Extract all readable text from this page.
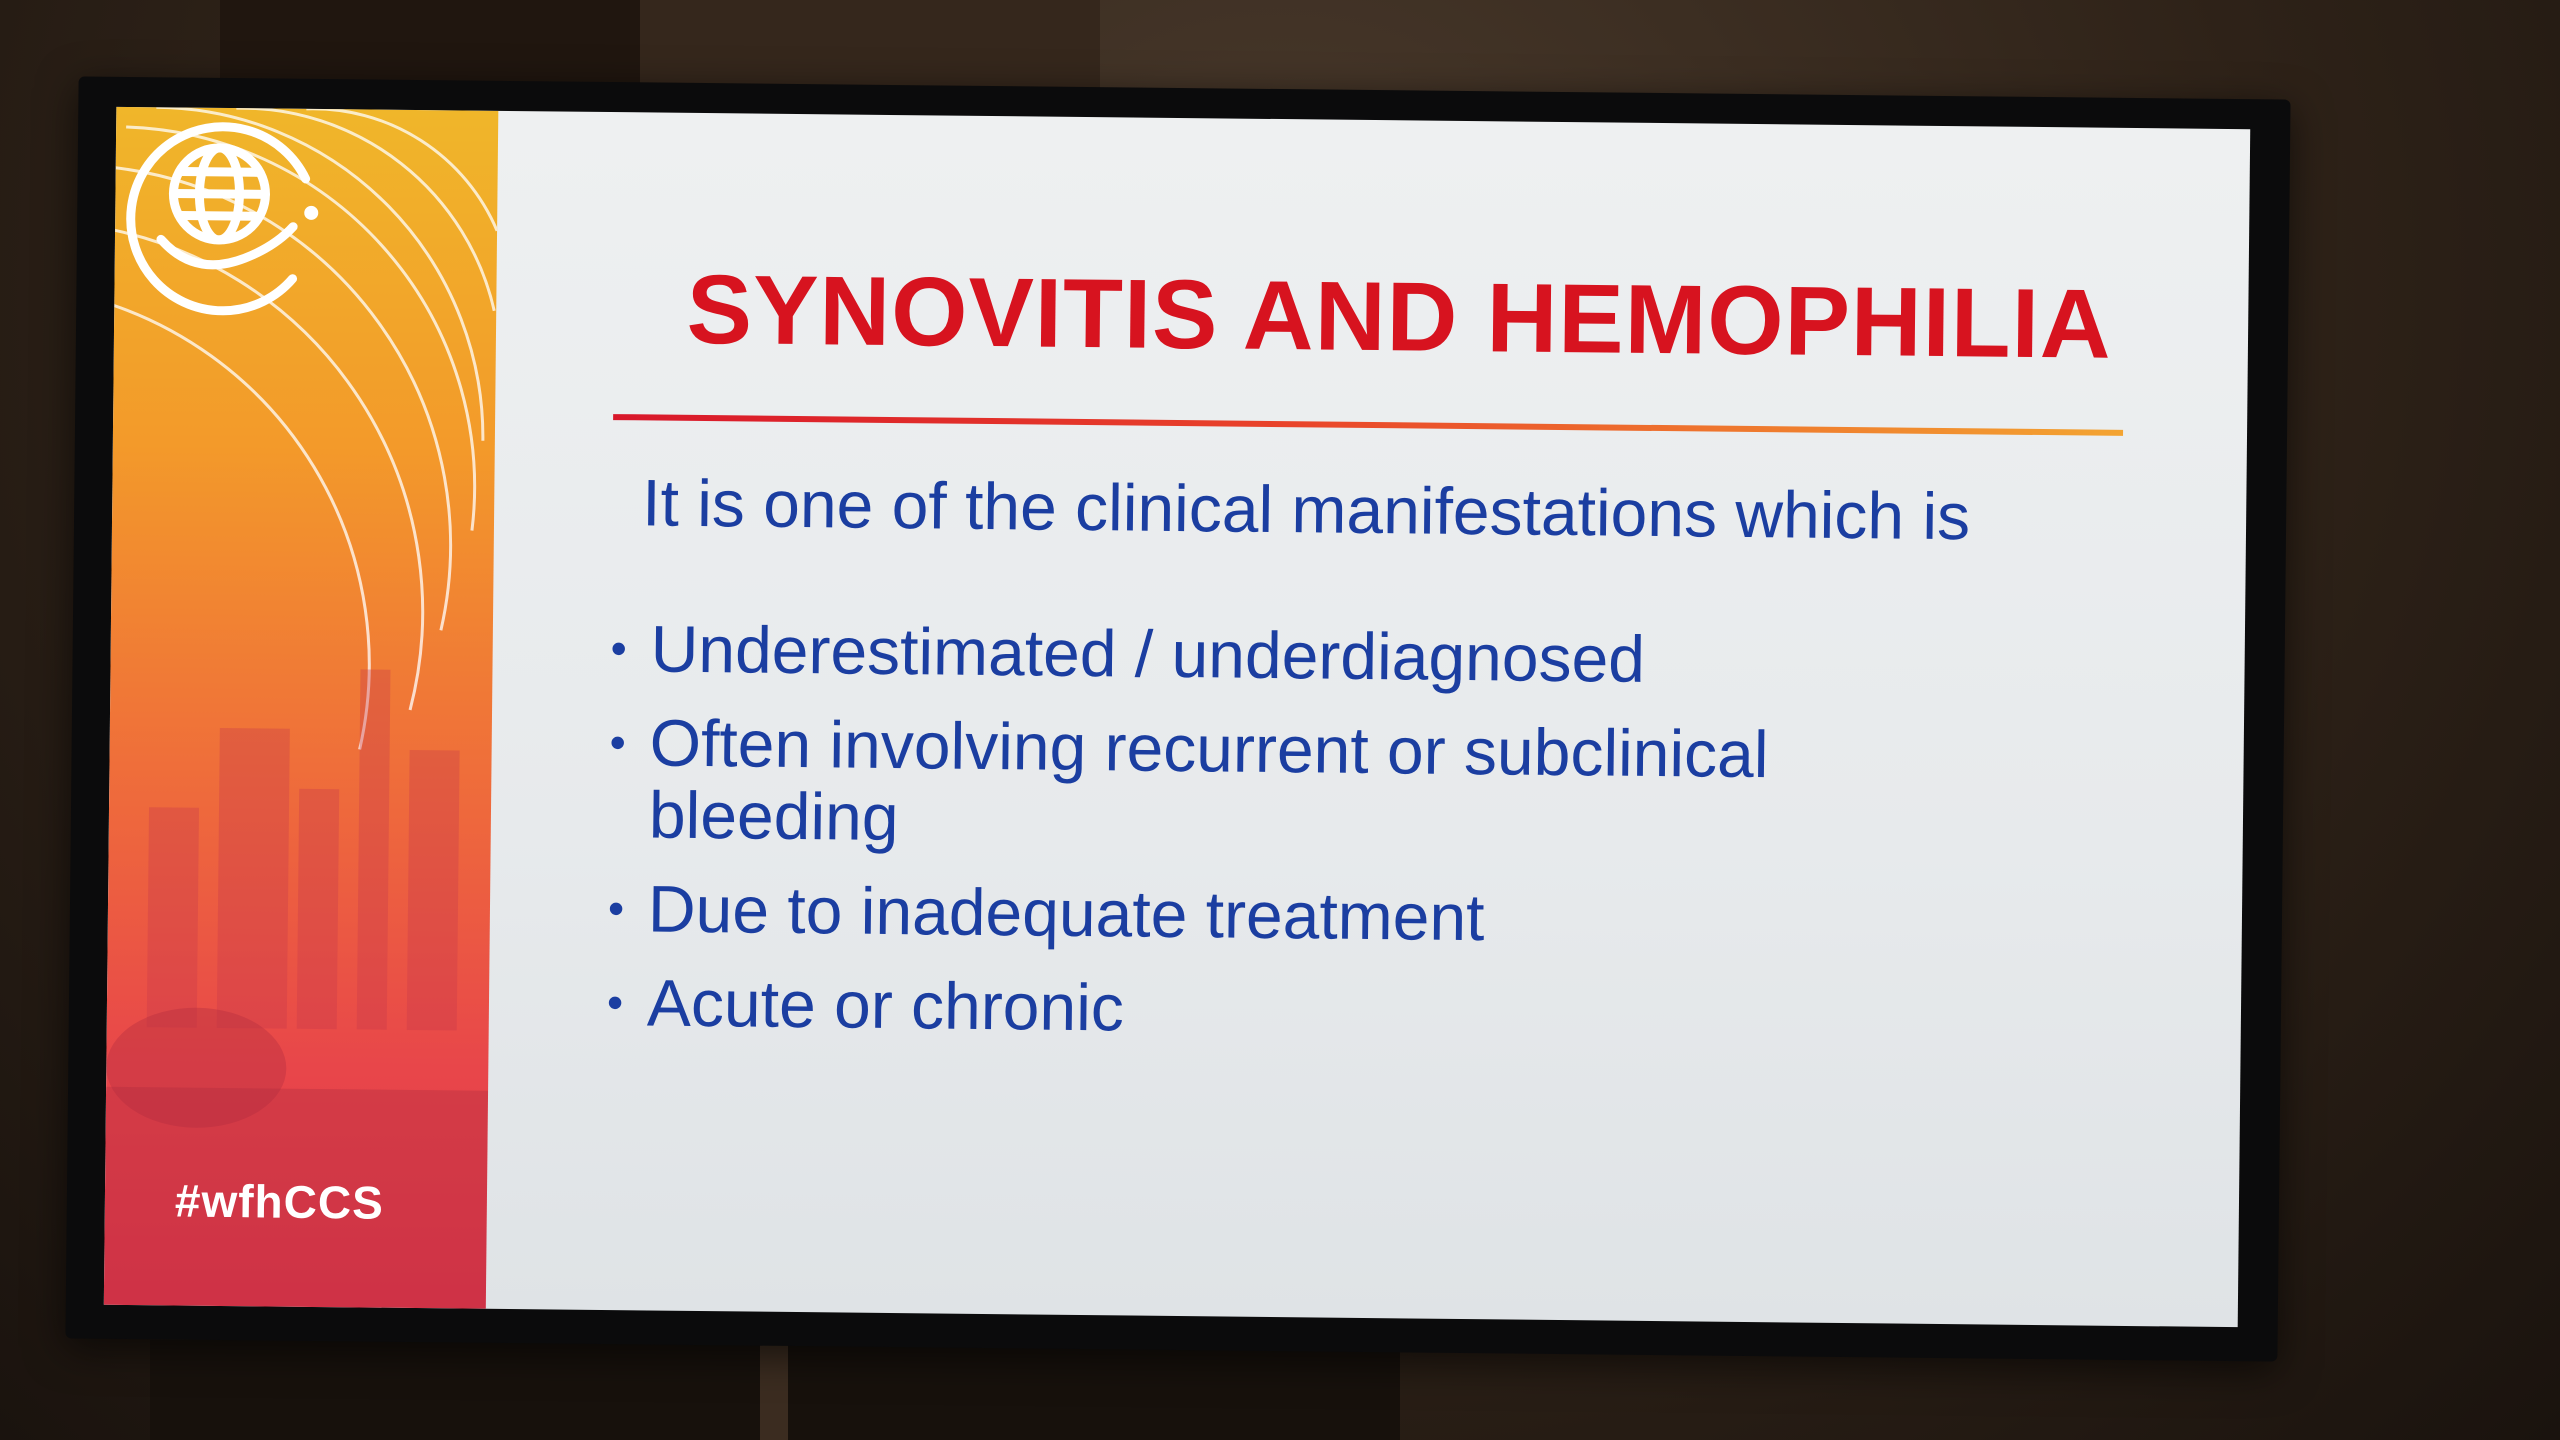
#wfhCCS
SYNOVITIS AND HEMOPHILIA
It is one of the clinical manifestations which is
• Underestimated / underdiagnosed
• Often involving recurrent or subclinical bleeding
• Due to inadequate treatment
• Acute or chronic
